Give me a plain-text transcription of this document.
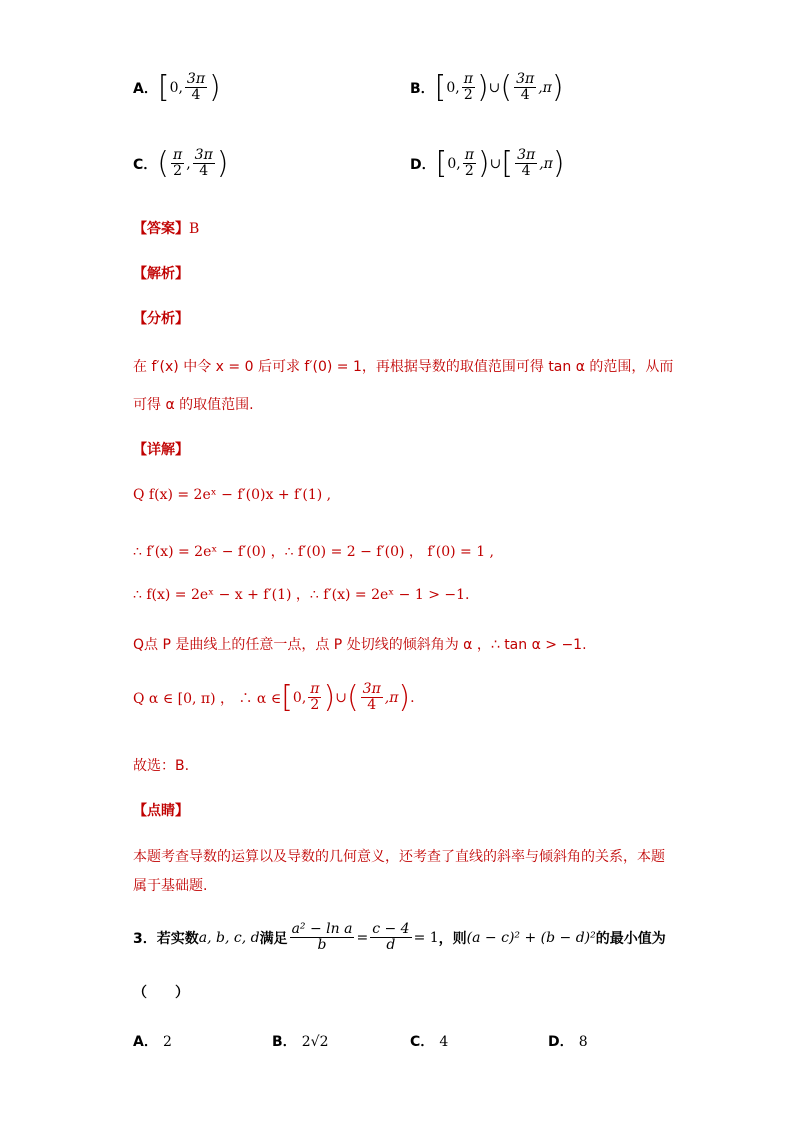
A． [ 0, $\frac{3\pi}{4}$ )	B． [ 0, $\frac{\pi}{2}$ ) ∪ ( $\frac{3\pi}{4} ,\pi$ )
C． ( $\frac{\pi}{2}$ , $\frac{3\pi}{4}$ )	D． [ 0, $\frac{\pi}{2}$ ) ∪ [ $\frac{3\pi}{4} ,\pi$ )
【答案】B
【解析】
【分析】
在 f′(x) 中令 x = 0 后可求 f′(0) = 1，再根据导数的取值范围可得 tan α 的范围，从而
可得 α 的取值范围.
【详解】
Q f(x) = 2eˣ − f′(0)x + f′(1) ,
∴ f′(x) = 2eˣ − f′(0) ，∴ f′(0) = 2 − f′(0) ， f′(0) = 1 ,
∴ f(x) = 2eˣ − x + f′(1) ，∴ f′(x) = 2eˣ − 1 > −1.
Q点 P 是曲线上的任意一点，点 P 处切线的倾斜角为 α ，∴ tan α > −1.
Q α ∈ [0, π) ， ∴ α ∈ [ 0, $\frac{\pi}{2}$ ) ∪ ( $\frac{3\pi}{4} ,\pi$ ) .
故选：B.
【点睛】
本题考查导数的运算以及导数的几何意义，还考查了直线的斜率与倾斜角的关系，本题
属于基础题.
3． 若实数 a, b, c, d 满足 $\frac{\text{a² − ln a}}{b} = \frac{c - 4}{d} = 1$ ，则 (a − c)² + (b − d)² 的最小值为
（　　）
A． 2	B． 2√2	C． 4	D． 8
